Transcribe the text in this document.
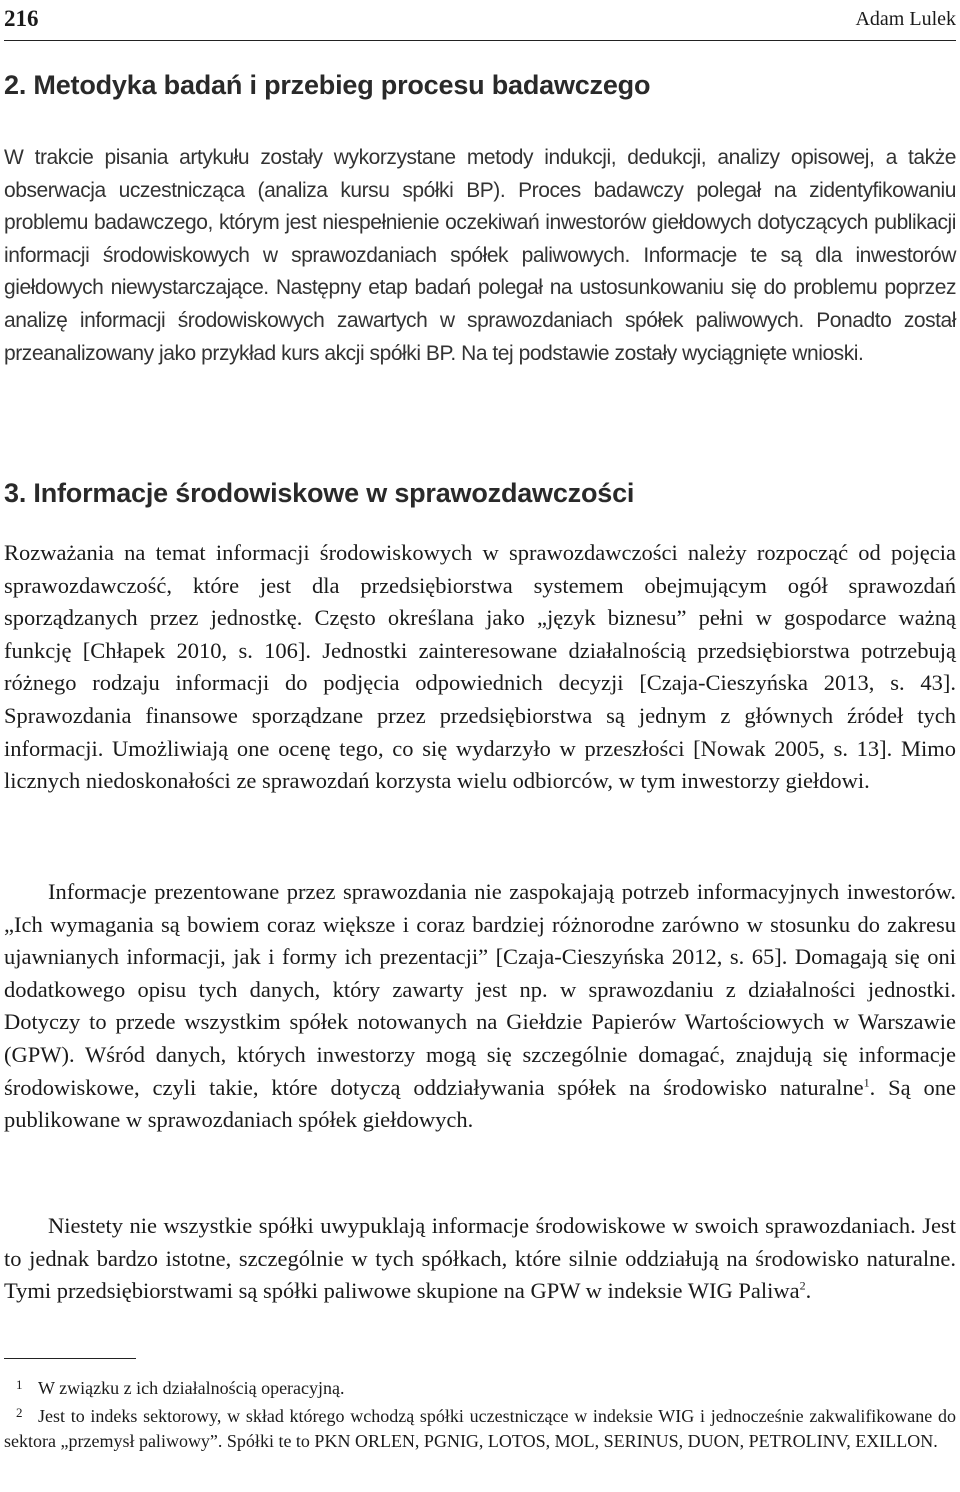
216	Adam Lulek
2. Metodyka badań i przebieg procesu badawczego

W trakcie pisania artykułu zostały wykorzystane metody indukcji, dedukcji, analizy opisowej, a także obserwacja uczestnicząca (analiza kursu spółki BP). Proces badawczy polegał na zidentyfikowaniu problemu badawczego, którym jest niespełnienie oczekiwań inwestorów giełdowych dotyczących publikacji informacji środowiskowych w sprawozdaniach spółek paliwowych. Informacje te są dla inwestorów giełdowych niewystarczające. Następny etap badań polegał na ustosunkowaniu się do problemu poprzez analizę informacji środowiskowych zawartych w sprawozdaniach spółek paliwowych. Ponadto został przeanalizowany jako przykład kurs akcji spółki BP. Na tej podstawie zostały wyciągnięte wnioski.

3. Informacje środowiskowe w sprawozdawczości

Rozważania na temat informacji środowiskowych w sprawozdawczości należy rozpocząć od pojęcia sprawozdawczość, które jest dla przedsiębiorstwa systemem obejmującym ogół sprawozdań sporządzanych przez jednostkę. Często określana jako „język biznesu” pełni w gospodarce ważną funkcję [Chłapek 2010, s. 106]. Jednostki zainteresowane działalnością przedsiębiorstwa potrzebują różnego rodzaju informacji do podjęcia odpowiednich decyzji [Czaja-Cieszyńska 2013, s. 43]. Sprawozdania finansowe sporządzane przez przedsiębiorstwa są jednym z głównych źródeł tych informacji. Umożliwiają one ocenę tego, co się wydarzyło w przeszłości [Nowak 2005, s. 13]. Mimo licznych niedoskonałości ze sprawozdań korzysta wielu odbiorców, w tym inwestorzy giełdowi.

Informacje prezentowane przez sprawozdania nie zaspokajają potrzeb informacyjnych inwestorów. „Ich wymagania są bowiem coraz większe i coraz bardziej różnorodne zarówno w stosunku do zakresu ujawnianych informacji, jak i formy ich prezentacji” [Czaja-Cieszyńska 2012, s. 65]. Domagają się oni dodatkowego opisu tych danych, który zawarty jest np. w sprawozdaniu z działalności jednostki. Dotyczy to przede wszystkim spółek notowanych na Giełdzie Papierów Wartościowych w Warszawie (GPW). Wśród danych, których inwestorzy mogą się szczególnie domagać, znajdują się informacje środowiskowe, czyli takie, które dotyczą oddziaływania spółek na środowisko naturalne$^1$. Są one publikowane w sprawozdaniach spółek giełdowych.

Niestety nie wszystkie spółki uwypuklają informacje środowiskowe w swoich sprawozdaniach. Jest to jednak bardzo istotne, szczególnie w tych spółkach, które silnie oddziałują na środowisko naturalne. Tymi przedsiębiorstwami są spółki paliwowe skupione na GPW w indeksie WIG Paliwa$^2$.

1 W związku z ich działalnością operacyjną.

2 Jest to indeks sektorowy, w skład którego wchodzą spółki uczestniczące w indeksie WIG i jednocześnie zakwalifikowane do sektora „przemysł paliwowy”. Spółki te to PKN ORLEN, PGNIG, LOTOS, MOL, SERINUS, DUON, PETROLINV, EXILLON.
